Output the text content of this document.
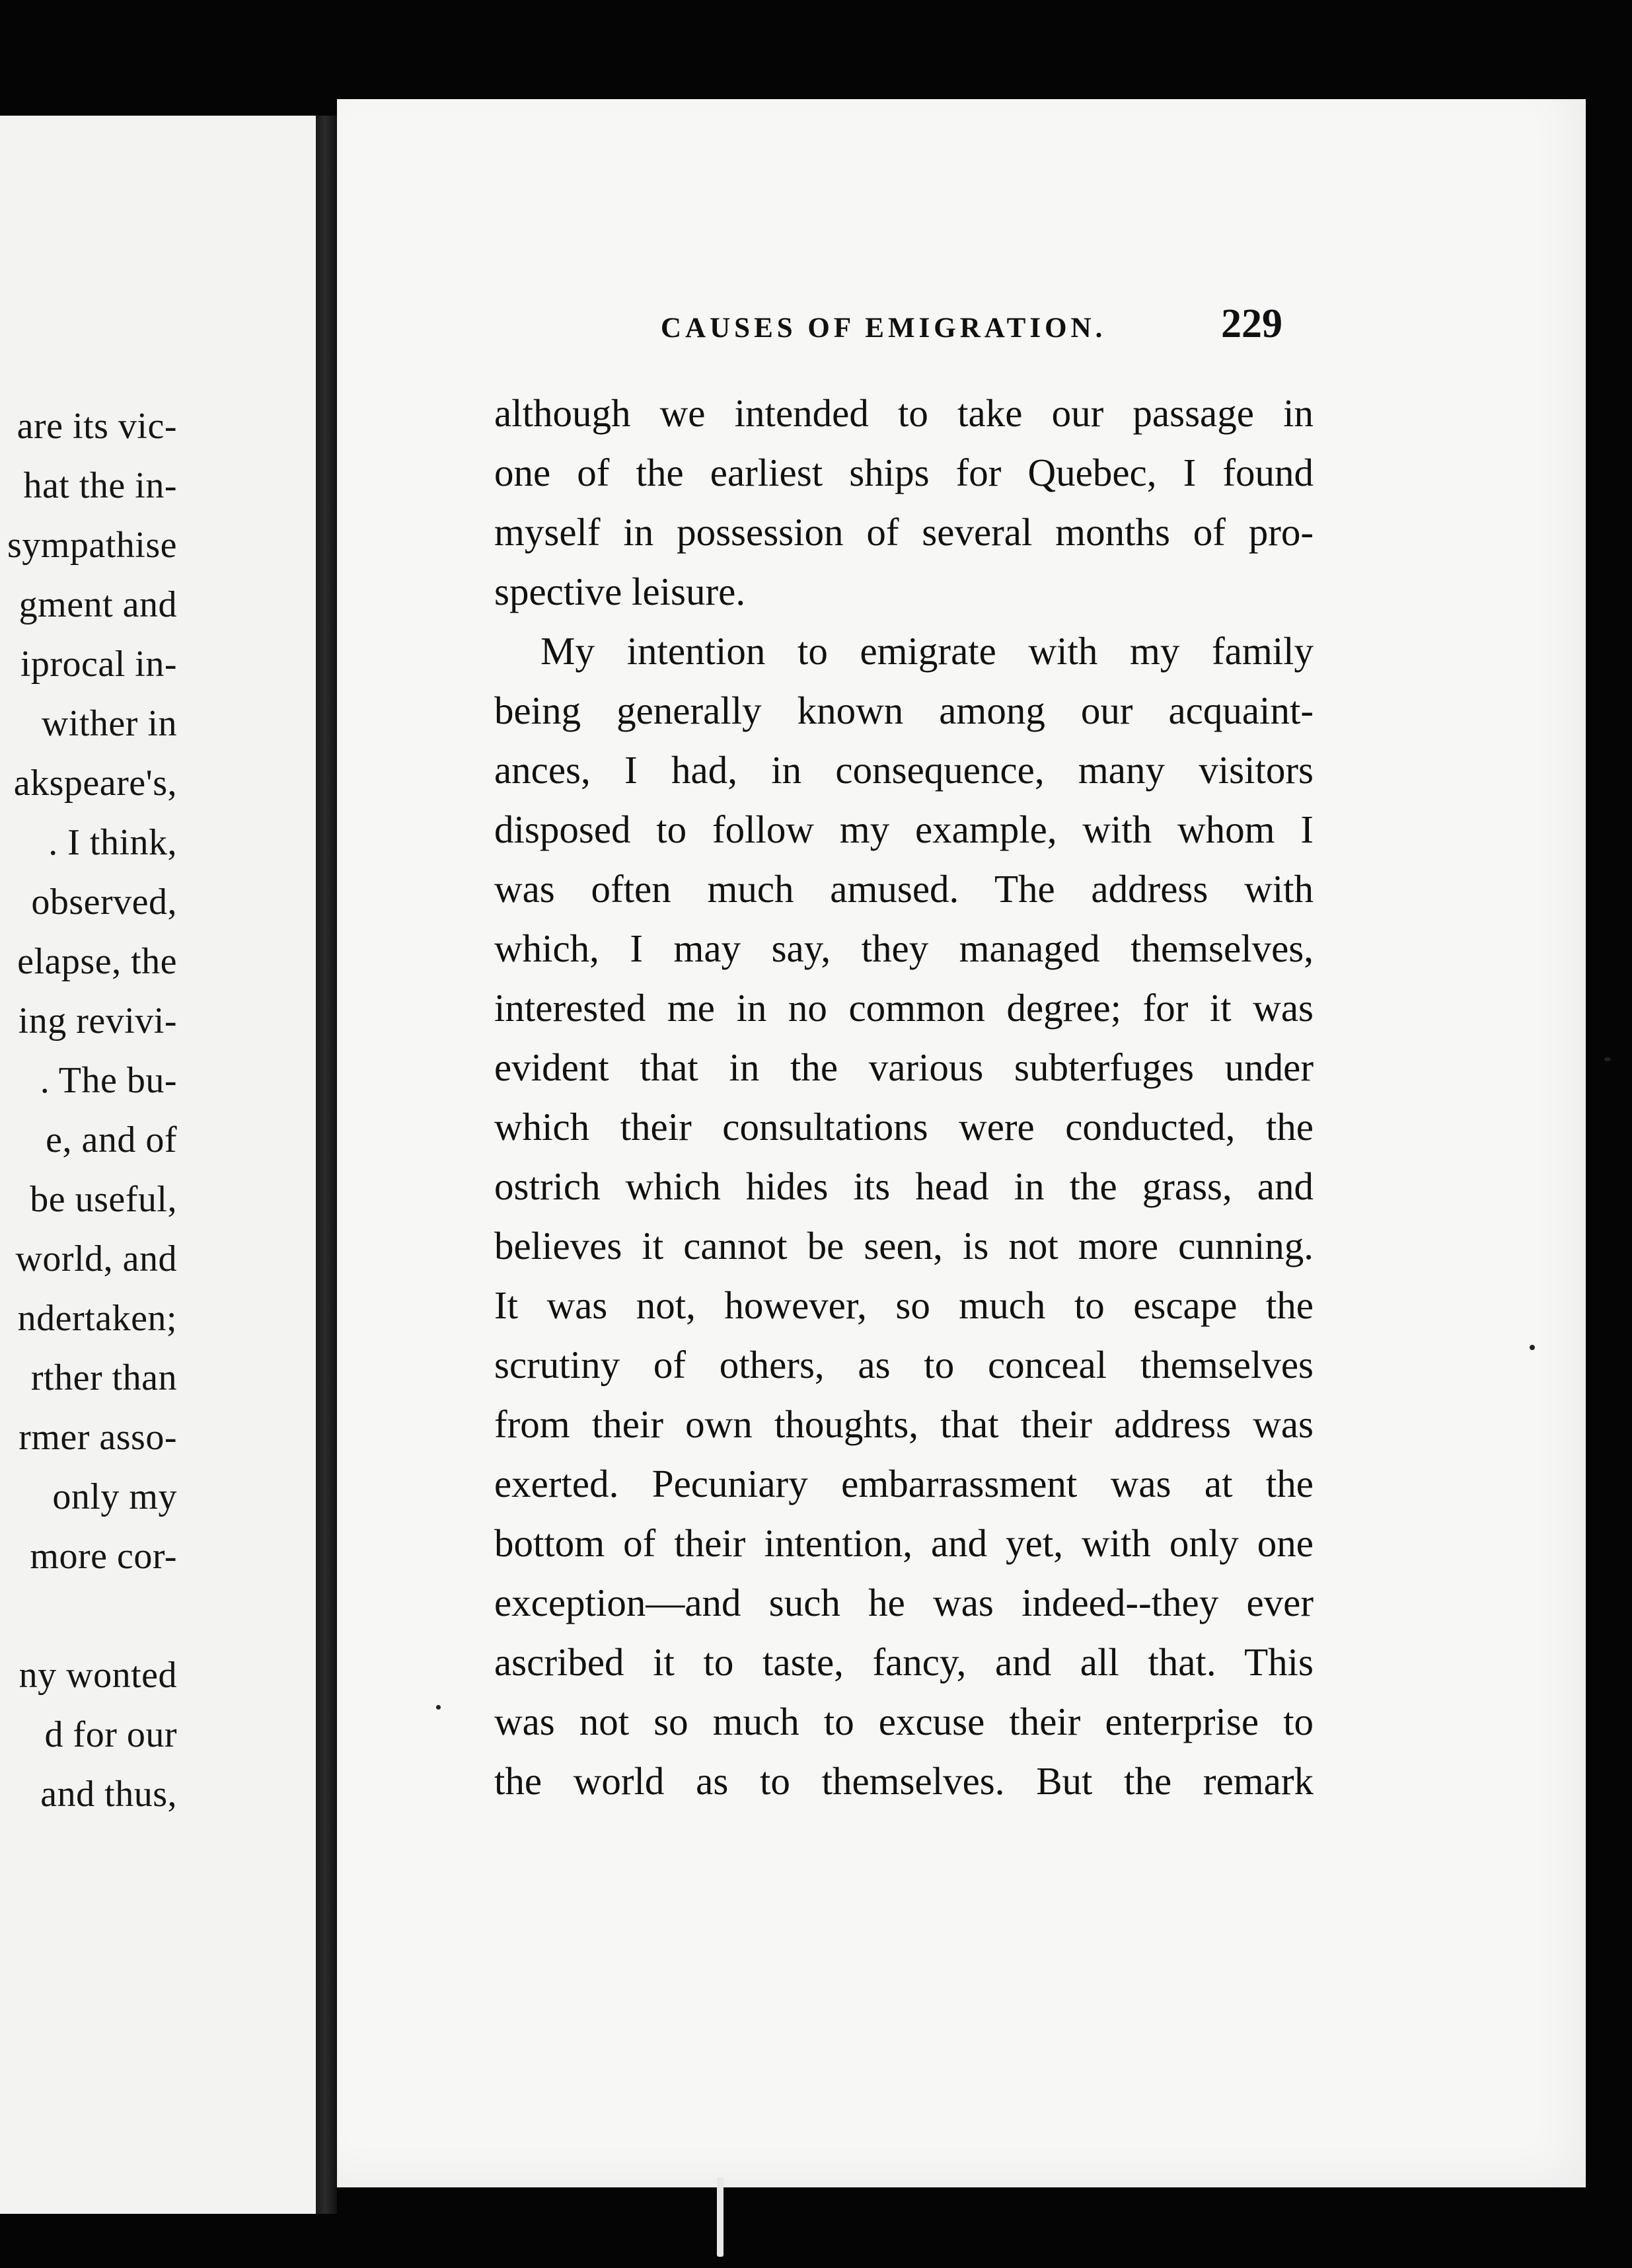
are its vic-
hat the in-
sympathise
gment and
iprocal in-
wither in
akspeare's,
. I think,
observed,
elapse, the
ing revivi-
. The bu-
e, and of
be useful,
world, and
ndertaken;
rther than
rmer asso-
only my
more cor-
ny wonted
d for our
and thus,
CAUSES OF EMIGRATION.	229
although we intended to take our passage in
one of the earliest ships for Quebec, I found
myself in possession of several months of pro-
spective leisure.
My intention to emigrate with my family
being generally known among our acquaint-
ances, I had, in consequence, many visitors
disposed to follow my example, with whom I
was often much amused. The address with
which, I may say, they managed themselves,
interested me in no common degree; for it was
evident that in the various subterfuges under
which their consultations were conducted, the
ostrich which hides its head in the grass, and
believes it cannot be seen, is not more cunning.
It was not, however, so much to escape the
scrutiny of others, as to conceal themselves
from their own thoughts, that their address was
exerted. Pecuniary embarrassment was at the
bottom of their intention, and yet, with only one
exception—and such he was indeed--they ever
ascribed it to taste, fancy, and all that. This
was not so much to excuse their enterprise to
the world as to themselves. But the remark
